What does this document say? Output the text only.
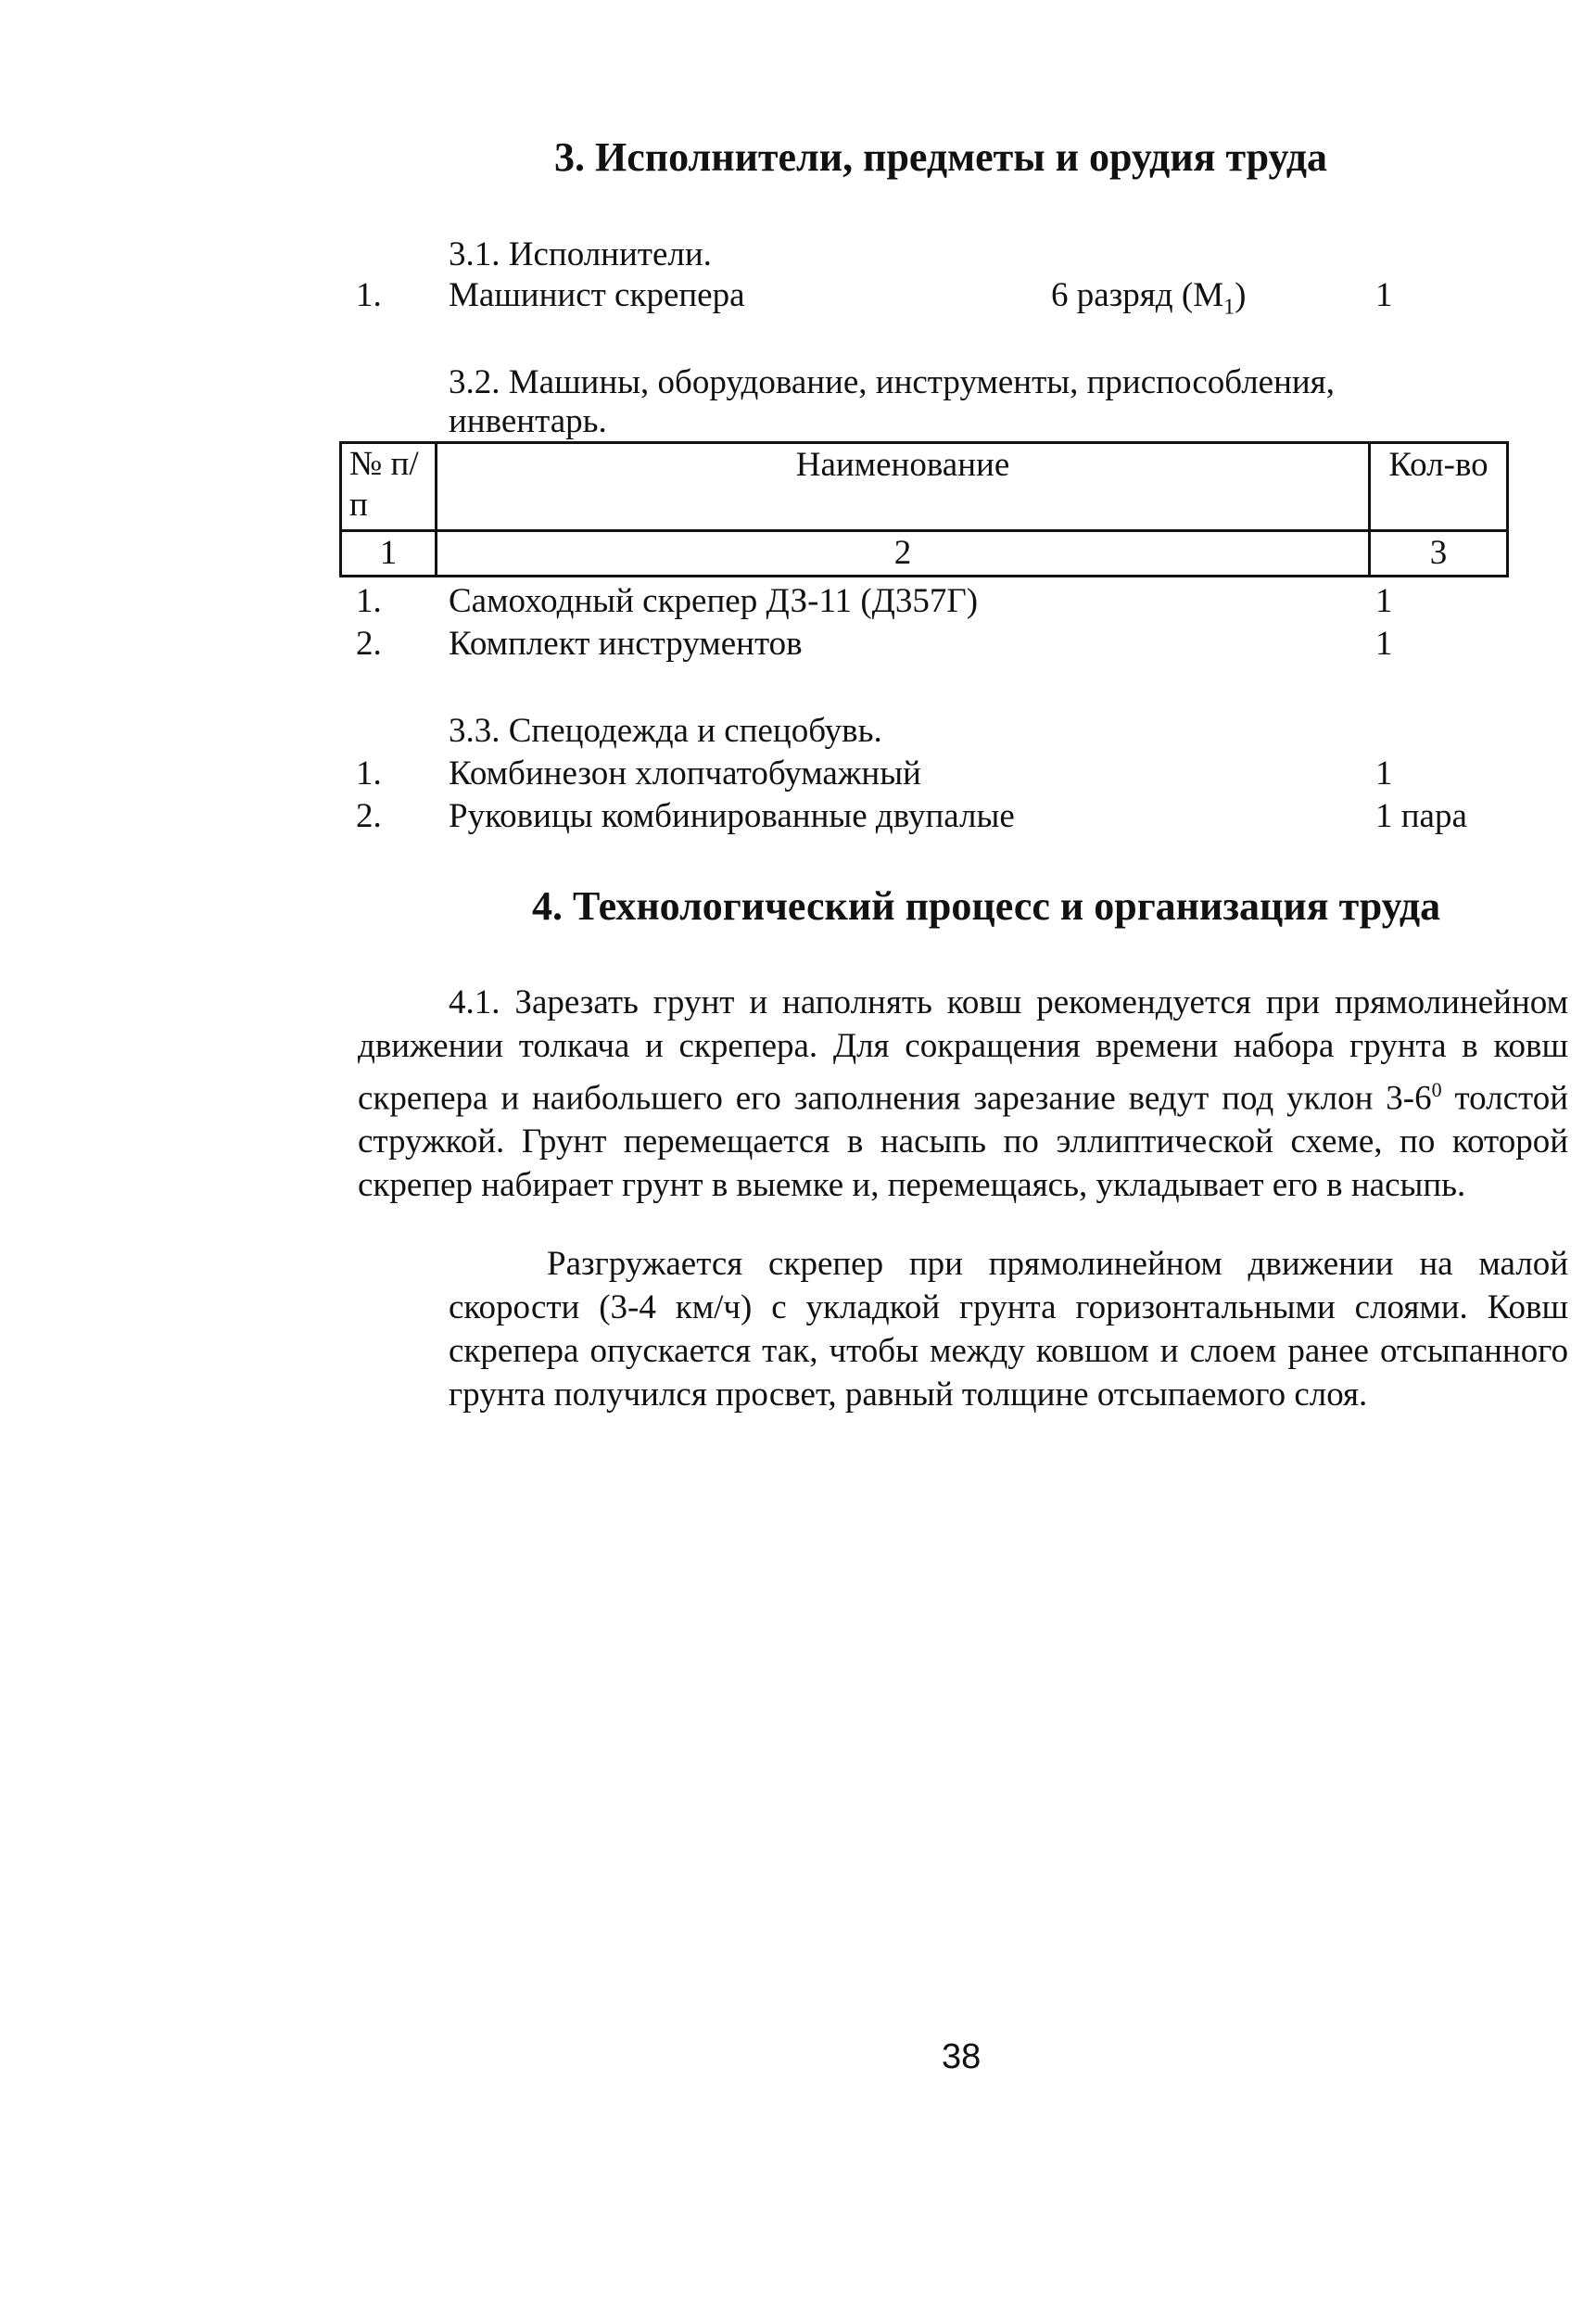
3. Исполнители, предметы и орудия труда
3.1. Исполнители.
1. Машинист скрепера	6 разряд $(М_1)$	1
3.2. Машины, оборудование, инструменты, приспособления,
инвентарь.
№ п/п	Наименование	Кол-во
1	2	3
1. Самоходный скрепер ДЗ-11 (Д357Г)	1
2. Комплект инструментов	1
3.3. Спецодежда и спецобувь.
1. Комбинезон хлопчатобумажный	1
2. Руковицы комбинированные двупалые	1 пара
4. Технологический процесс и организация труда

4.1. Зарезать грунт и наполнять ковш рекомендуется при прямолинейном движении толкача и скрепера. Для сокращения времени набора грунта в ковш скрепера и наибольшего его заполнения зарезание ведут под уклон $3-6^0$ толстой стружкой. Грунт перемещается в насыпь по эллиптической схеме, по которой скрепер набирает грунт в выемке и, перемещаясь, укладывает его в насыпь.

Разгружается скрепер при прямолинейном движении на малой скорости (3-4 км/ч) с укладкой грунта горизонтальными слоями. Ковш скрепера опускается так, чтобы между ковшом и слоем ранее отсыпанного грунта получился просвет, равный толщине отсыпаемого слоя.

38
